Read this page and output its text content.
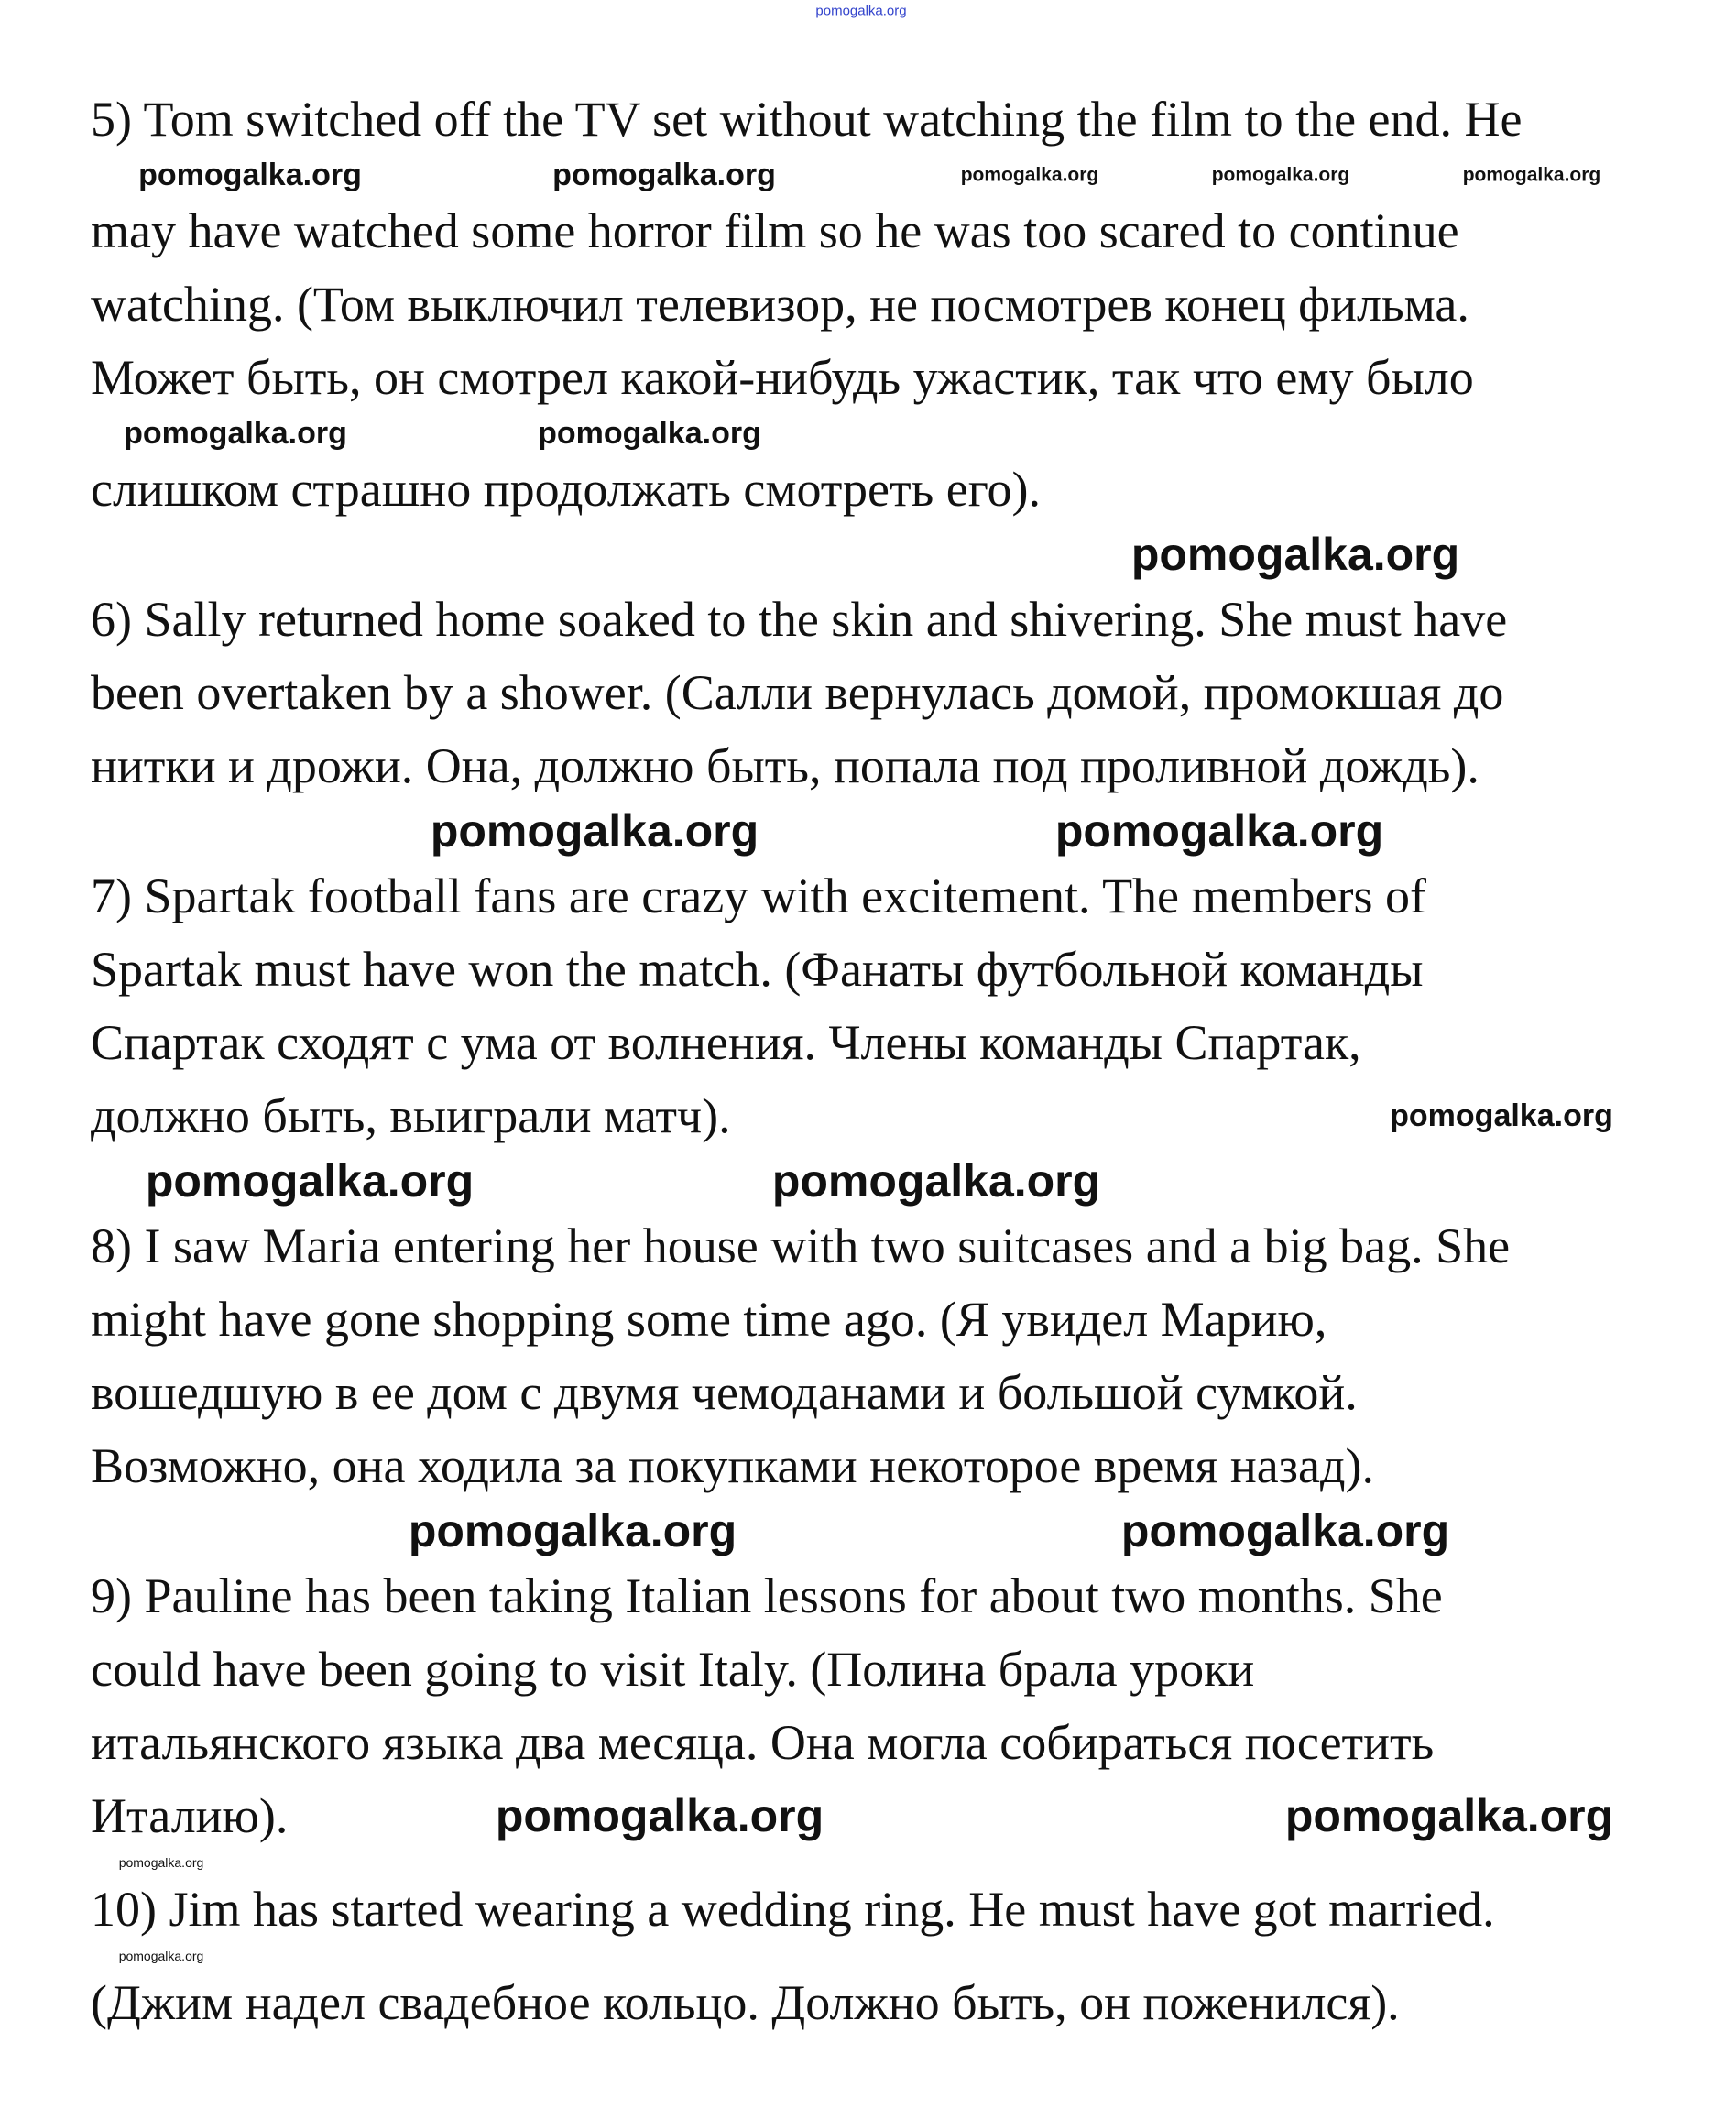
pomogalka.org
5) Tom switched off the TV set without watching the film to the end. He
pomogalka.org	pomogalka.org	pomogalka.org	pomogalka.org	pomogalka.org
may have watched some horror film so he was too scared to continue
watching. (Том выключил телевизор, не посмотрев конец фильма.
Может быть, он смотрел какой-нибудь ужастик, так что ему было
pomogalka.org	pomogalka.org
слишком страшно продолжать смотреть его).
pomogalka.org
6) Sally returned home soaked to the skin and shivering. She must have
been overtaken by a shower. (Салли вернулась домой, промокшая до
нитки и дрожи. Она, должно быть, попала под проливной дождь).
pomogalka.org	pomogalka.org
7) Spartak football fans are crazy with excitement. The members of
Spartak must have won the match. (Фанаты футбольной команды
Спартак сходят с ума от волнения. Члены команды Спартак,
должно быть, выиграли матч).	pomogalka.org
pomogalka.org	pomogalka.org
8) I saw Maria entering her house with two suitcases and a big bag. She
might have gone shopping some time ago. (Я увидел Марию,
вошедшую в ее дом с двумя чемоданами и большой сумкой.
Возможно, она ходила за покупками некоторое время назад).
pomogalka.org	pomogalka.org
9) Pauline has been taking Italian lessons for about two months. She
could have been going to visit Italy. (Полина брала уроки
итальянского языка два месяца. Она могла собираться посетить
Италию).	pomogalka.org	pomogalka.org
pomogalka.org
10) Jim has started wearing a wedding ring. He must have got married.
pomogalka.org
(Джим надел свадебное кольцо. Должно быть, он поженился).
